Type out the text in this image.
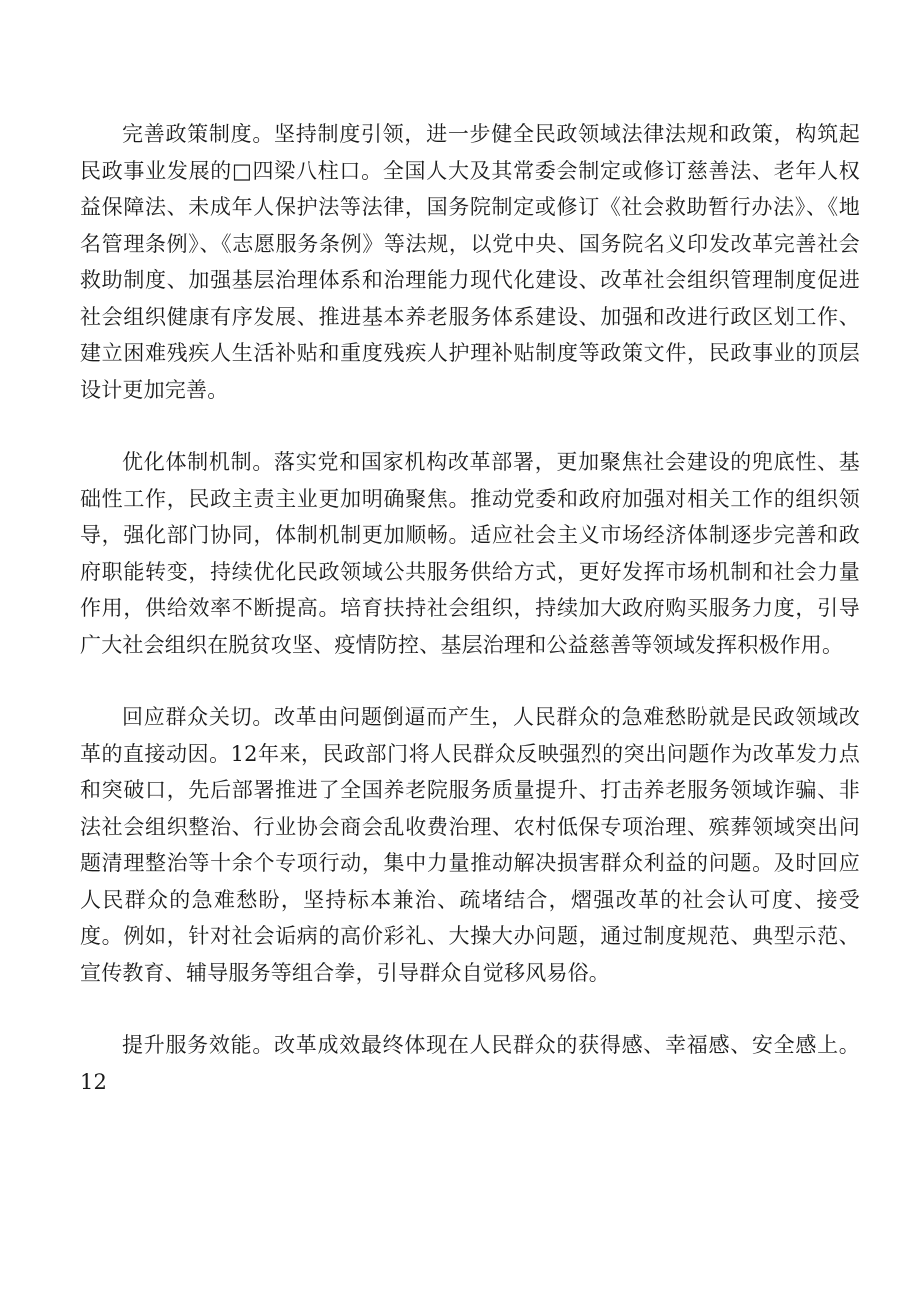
完善政策制度。坚持制度引领，进一步健全民政领域法律法规和政策，构筑起民政事业发展的□四梁八柱口。全国人大及其常委会制定或修订慈善法、老年人权益保障法、未成年人保护法等法律，国务院制定或修订《社会救助暂行办法》、《地名管理条例》、《志愿服务条例》等法规，以党中央、国务院名义印发改革完善社会救助制度、加强基层治理体系和治理能力现代化建设、改革社会组织管理制度促进社会组织健康有序发展、推进基本养老服务体系建设、加强和改进行政区划工作、建立困难残疾人生活补贴和重度残疾人护理补贴制度等政策文件，民政事业的顶层设计更加完善。

优化体制机制。落实党和国家机构改革部署，更加聚焦社会建设的兜底性、基础性工作，民政主责主业更加明确聚焦。推动党委和政府加强对相关工作的组织领导，强化部门协同，体制机制更加顺畅。适应社会主义市场经济体制逐步完善和政府职能转变，持续优化民政领域公共服务供给方式，更好发挥市场机制和社会力量作用，供给效率不断提高。培育扶持社会组织，持续加大政府购买服务力度，引导广大社会组织在脱贫攻坚、疫情防控、基层治理和公益慈善等领域发挥积极作用。

回应群众关切。改革由问题倒逼而产生，人民群众的急难愁盼就是民政领域改革的直接动因。12年来，民政部门将人民群众反映强烈的突出问题作为改革发力点和突破口，先后部署推进了全国养老院服务质量提升、打击养老服务领域诈骗、非法社会组织整治、行业协会商会乱收费治理、农村低保专项治理、殡葬领域突出问题清理整治等十余个专项行动，集中力量推动解决损害群众利益的问题。及时回应人民群众的急难愁盼，坚持标本兼治、疏堵结合，熠强改革的社会认可度、接受度。例如，针对社会诟病的高价彩礼、大操大办问题，通过制度规范、典型示范、宣传教育、辅导服务等组合拳，引导群众自觉移风易俗。

提升服务效能。改革成效最终体现在人民群众的获得感、幸福感、安全感上。12
